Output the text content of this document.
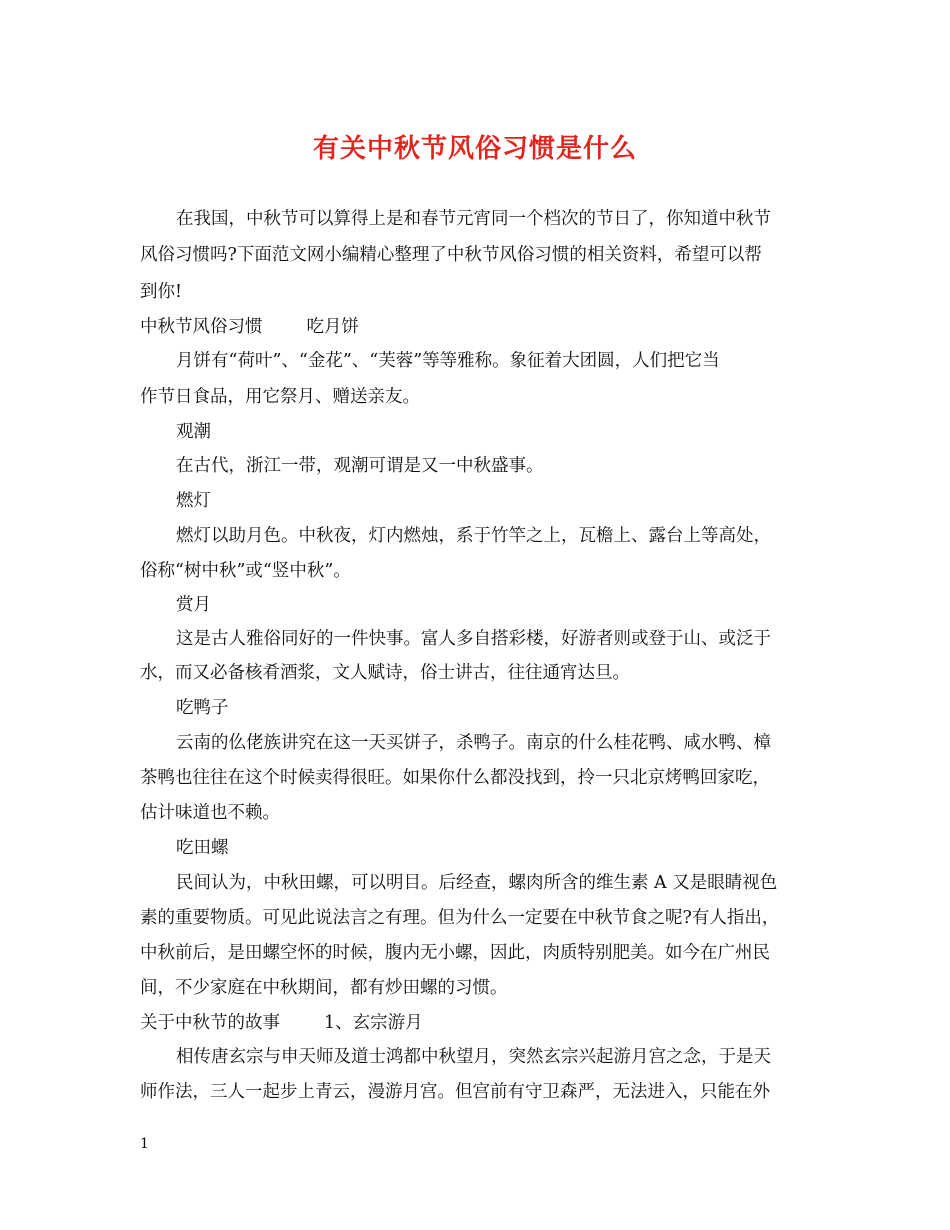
有关中秋节风俗习惯是什么
在我国，中秋节可以算得上是和春节元宵同一个档次的节日了，你知道中秋节
风俗习惯吗?下面范文网小编精心整理了中秋节风俗习惯的相关资料，希望可以帮
到你!
中秋节风俗习惯	吃月饼
月饼有“荷叶”、“金花”、“芙蓉”等等雅称。象征着大团圆，人们把它当
作节日食品，用它祭月、赠送亲友。
观潮
在古代，浙江一带，观潮可谓是又一中秋盛事。
燃灯
燃灯以助月色。中秋夜，灯内燃烛，系于竹竿之上，瓦檐上、露台上等高处，
俗称“树中秋”或“竖中秋”。
赏月
这是古人雅俗同好的一件快事。富人多自搭彩楼，好游者则或登于山、或泛于
水，而又必备核肴酒浆，文人赋诗，俗士讲古，往往通宵达旦。
吃鸭子
云南的仫佬族讲究在这一天买饼子，杀鸭子。南京的什么桂花鸭、咸水鸭、樟
茶鸭也往往在这个时候卖得很旺。如果你什么都没找到，拎一只北京烤鸭回家吃，
估计味道也不赖。
吃田螺
民间认为，中秋田螺，可以明目。后经查，螺肉所含的维生素 A 又是眼睛视色
素的重要物质。可见此说法言之有理。但为什么一定要在中秋节食之呢?有人指出，
中秋前后，是田螺空怀的时候，腹内无小螺，因此，肉质特别肥美。如今在广州民
间，不少家庭在中秋期间，都有炒田螺的习惯。
关于中秋节的故事	1、玄宗游月
相传唐玄宗与申天师及道士鸿都中秋望月，突然玄宗兴起游月宫之念，于是天
师作法，三人一起步上青云，漫游月宫。但宫前有守卫森严，无法进入，只能在外
1
